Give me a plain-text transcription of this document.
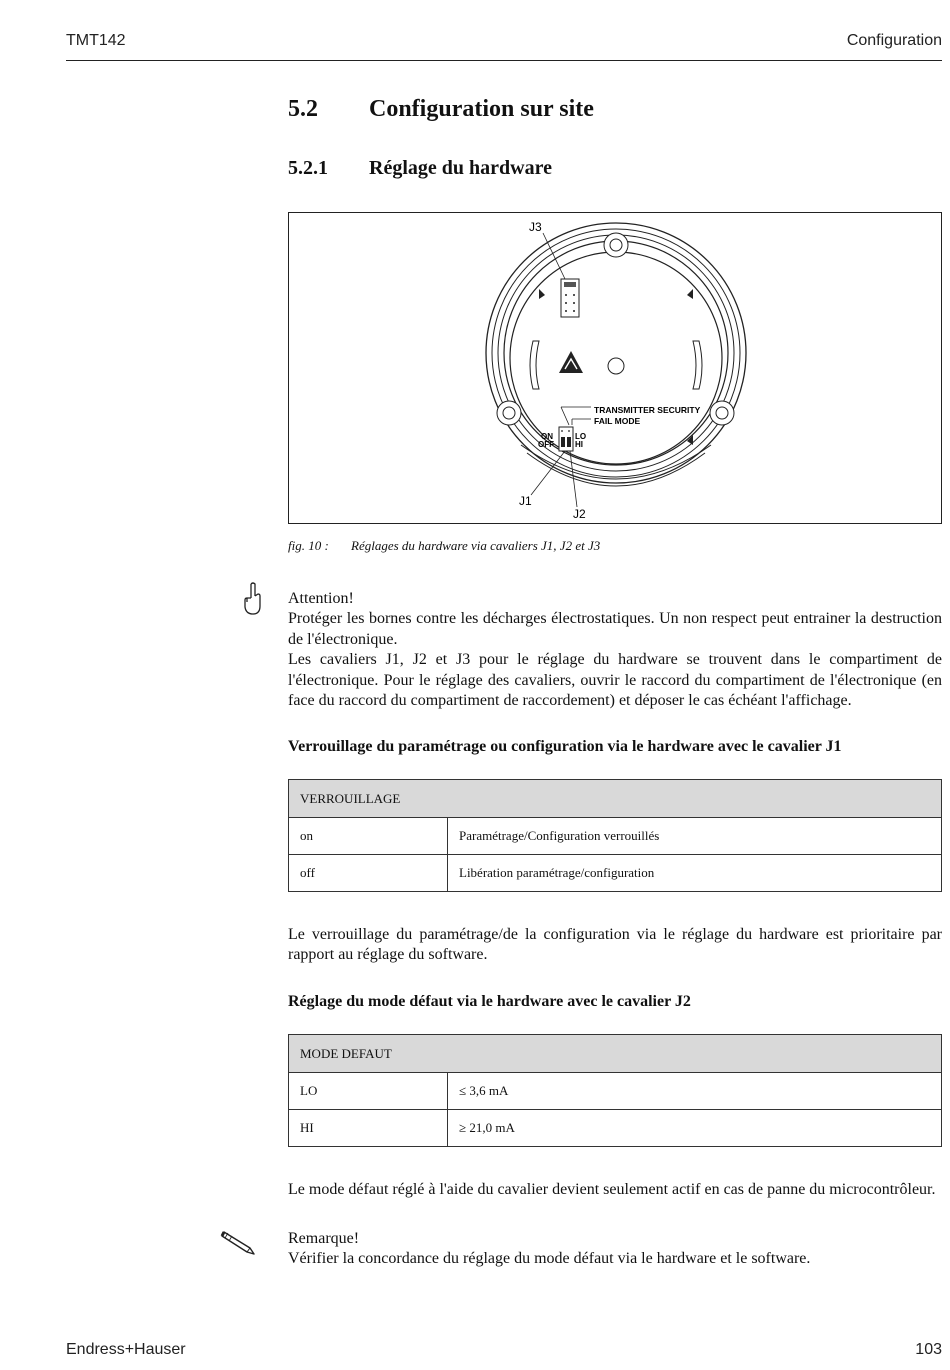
TMT142	Configuration
5.2 Configuration sur site
5.2.1 Réglage du hardware
J3
J1
J2
TRANSMITTER SECURITY
FAIL MODE
ON
OFF
LO
HI
fig. 10 : Réglages du hardware via cavaliers J1, J2 et J3
Attention!
Protéger les bornes contre les décharges électrostatiques. Un non respect peut entrainer la destruction de l'électronique.
Les cavaliers J1, J2 et J3 pour le réglage du hardware se trouvent dans le compartiment de l'électronique. Pour le réglage des cavaliers, ouvrir le raccord du compartiment de l'électronique (en face du raccord du compartiment de raccordement) et déposer le cas échéant l'affichage.
Verrouillage du paramétrage ou configuration via le hardware avec le cavalier J1
VERROUILLAGE	
on	Paramétrage/Configuration verrouillés
off	Libération paramétrage/configuration
Le verrouillage du paramétrage/de la configuration via le réglage du hardware est prioritaire par rapport au réglage du software.
Réglage du mode défaut via le hardware avec le cavalier J2
MODE DEFAUT	
LO	≤ 3,6 mA
HI	≥ 21,0 mA
Le mode défaut réglé à l'aide du cavalier devient seulement actif en cas de panne du microcontrôleur.
Remarque!
Vérifier la concordance du réglage du mode défaut via le hardware et le software.
Endress+Hauser	103
